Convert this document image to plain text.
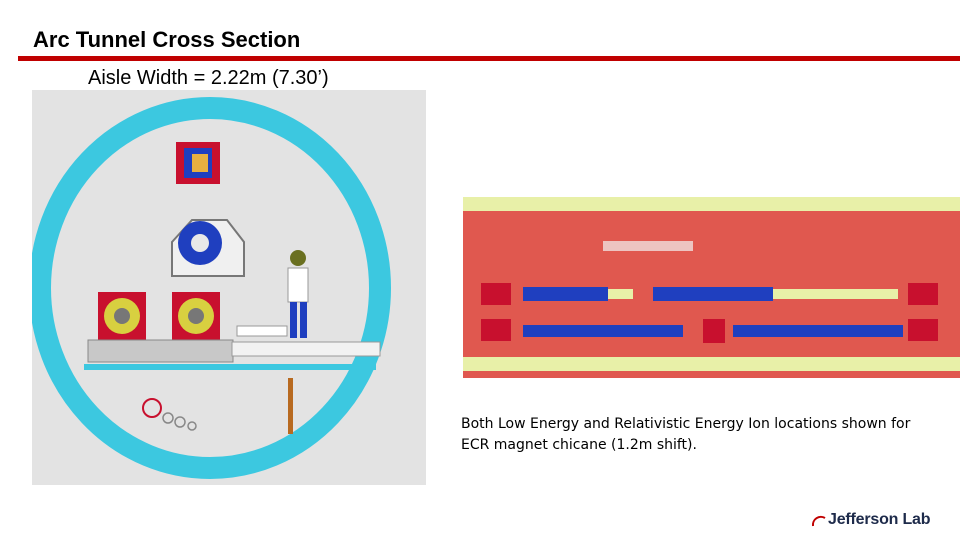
Arc Tunnel Cross Section
Aisle Width = 2.22m (7.30’)
Both Low Energy and Relativistic Energy Ion locations shown for ECR magnet chicane (1.2m shift).
Jefferson Lab
